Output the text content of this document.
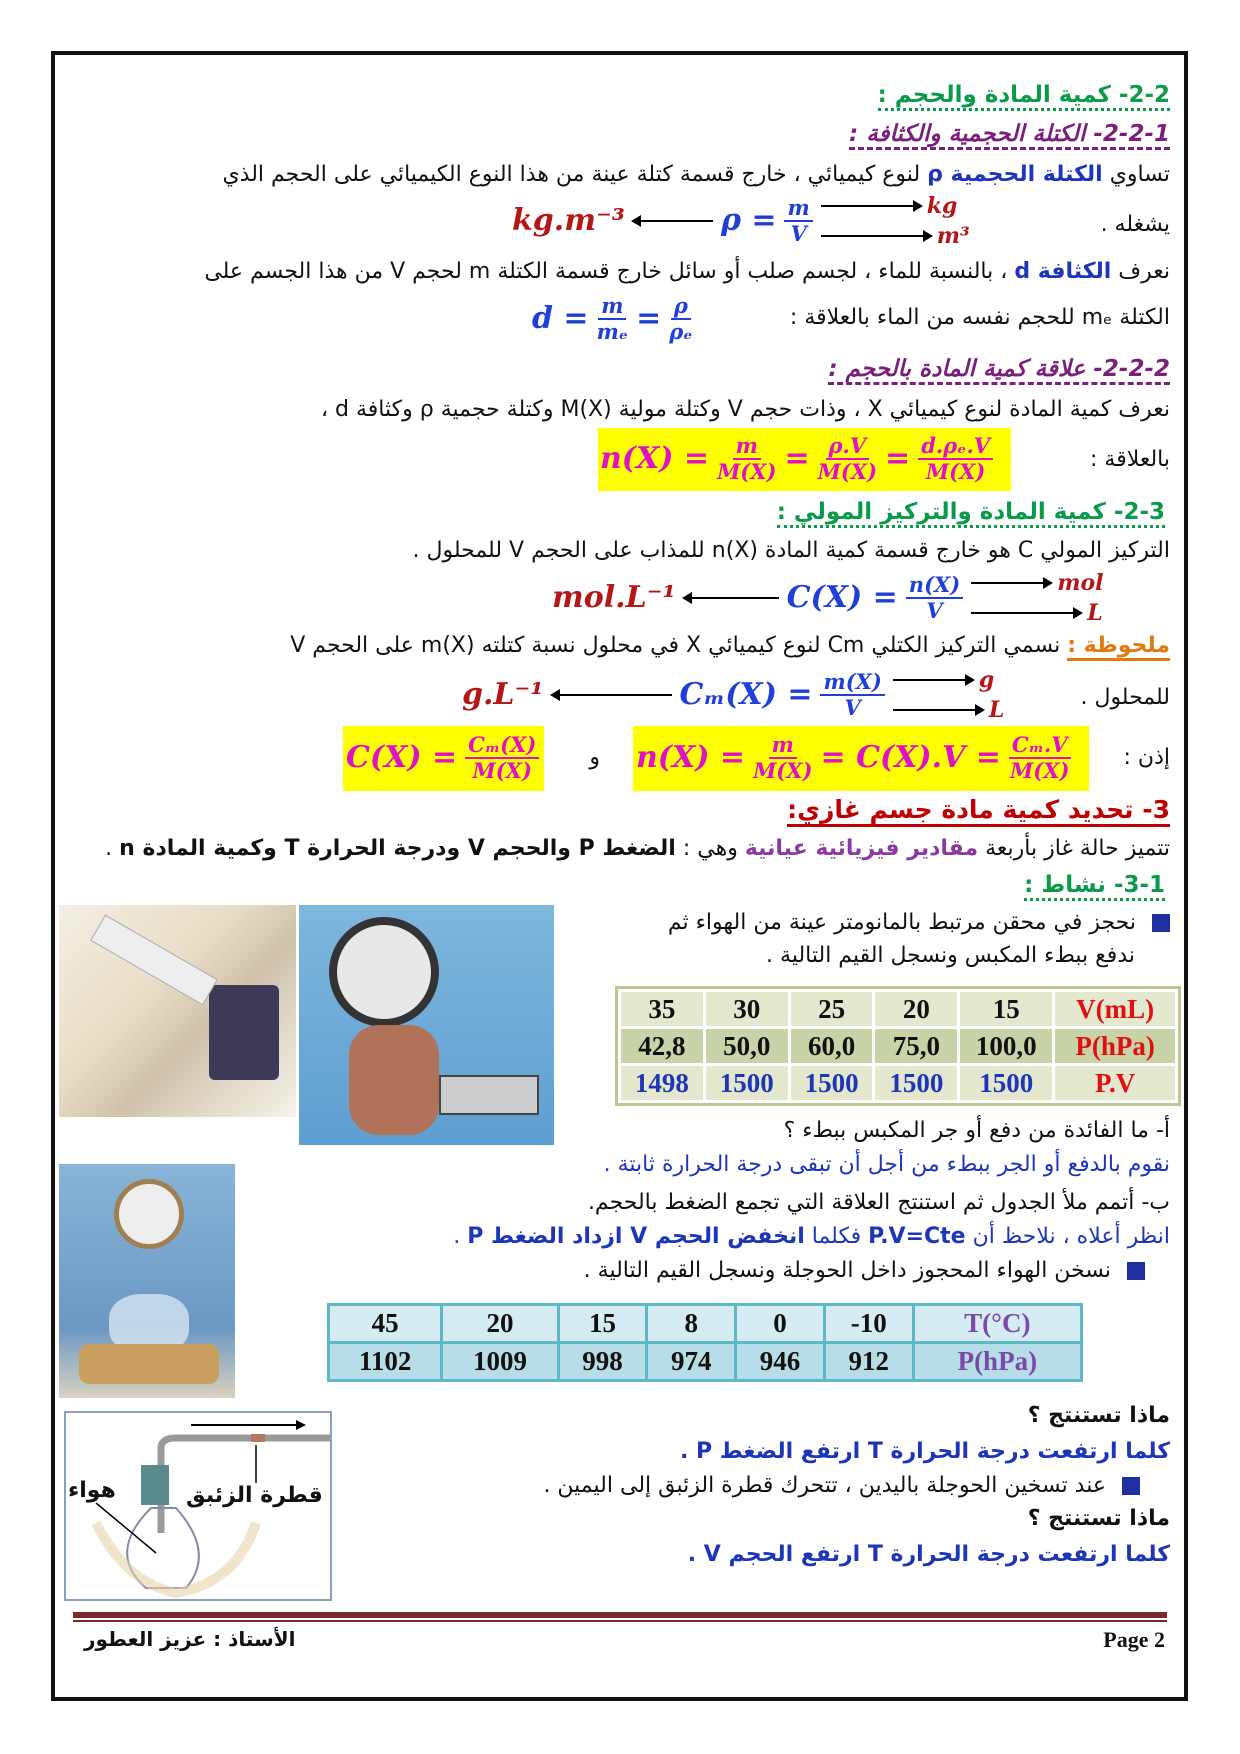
2-2- كمية المادة والحجم :
2-2-1- الكتلة الحجمية والكثافة :
تساوي الكتلة الحجمية ρ لنوع كيميائي ، خارج قسمة كتلة عينة من هذا النوع الكيميائي على الحجم الذي
يشغله .
kg.m⁻³	$\rho = \frac{m}{V}$	kg
m³
نعرف الكثافة d ، بالنسبة للماء ، لجسم صلب أو سائل خارج قسمة الكتلة m لحجم V من هذا الجسم على
الكتلة mₑ للحجم نفسه من الماء بالعلاقة :
$d = \frac{m}{\text{mₑ}} = \frac{\rho}{\text{ρₑ}}$
2-2-2- علاقة كمية المادة بالحجم :
نعرف كمية المادة لنوع كيميائي X ، وذات حجم V وكتلة مولية M(X) وكتلة حجمية ρ وكثافة d ،
بالعلاقة :
$n(X) = \frac{m}{M(X)} = \frac{\rho.V}{M(X)} = \frac{\text{d.ρₑ.V}}{M(X)}$
2-3- كمية المادة والتركيز المولي :
التركيز المولي C هو خارج قسمة كمية المادة n(X) للمذاب على الحجم V للمحلول .
mol.L⁻¹	$C(X) = \frac{n(X)}{V}$	mol
L
ملحوظة : نسمي التركيز الكتلي Cm لنوع كيميائي X في محلول نسبة كتلته m(X) على الحجم V
للمحلول .
g.L⁻¹	$C_m(X) = \frac{m(X)}{V}$	g
L
إذن :
$n(X) = \frac{m}{M(X)} = C(X).V = \frac{\text{Cₘ.V}}{M(X)}$
و
$C(X) = \frac{\text{Cₘ(X)}}{M(X)}$
3- تحديد كمية مادة جسم غازي:
تتميز حالة غاز بأربعة مقادير فيزيائية عيانية وهي : الضغط P والحجم V ودرجة الحرارة T وكمية المادة n .
3-1- نشاط :
نحجز في محقن مرتبط بالمانومتر عينة من الهواء ثم
ندفع ببطء المكبس ونسجل القيم التالية .
35	30	25	20	15	V(mL)
42,8	50,0	60,0	75,0	100,0	P(hPa)
1498	1500	1500	1500	1500	P.V
أ- ما الفائدة من دفع أو جر المكبس ببطء ؟
نقوم بالدفع أو الجر ببطء من أجل أن تبقى درجة الحرارة ثابتة .
ب- أتمم ملأ الجدول ثم استنتج العلاقة التي تجمع الضغط بالحجم.
انظر أعلاه ، نلاحظ أن P.V=Cte فكلما انخفض الحجم V ازداد الضغط P .
نسخن الهواء المحجوز داخل الحوجلة ونسجل القيم التالية .
45	20	15	8	0	-10	T(°C)
1102	1009	998	974	946	912	P(hPa)
هواء	قطرة الزئبق
ماذا تستنتج ؟
كلما ارتفعت درجة الحرارة T ارتفع الضغط P .
عند تسخين الحوجلة باليدين ، تتحرك قطرة الزئبق إلى اليمين .
ماذا تستنتج ؟
كلما ارتفعت درجة الحرارة T ارتفع الحجم V .
Page 2
الأستاذ : عزيز العطور
